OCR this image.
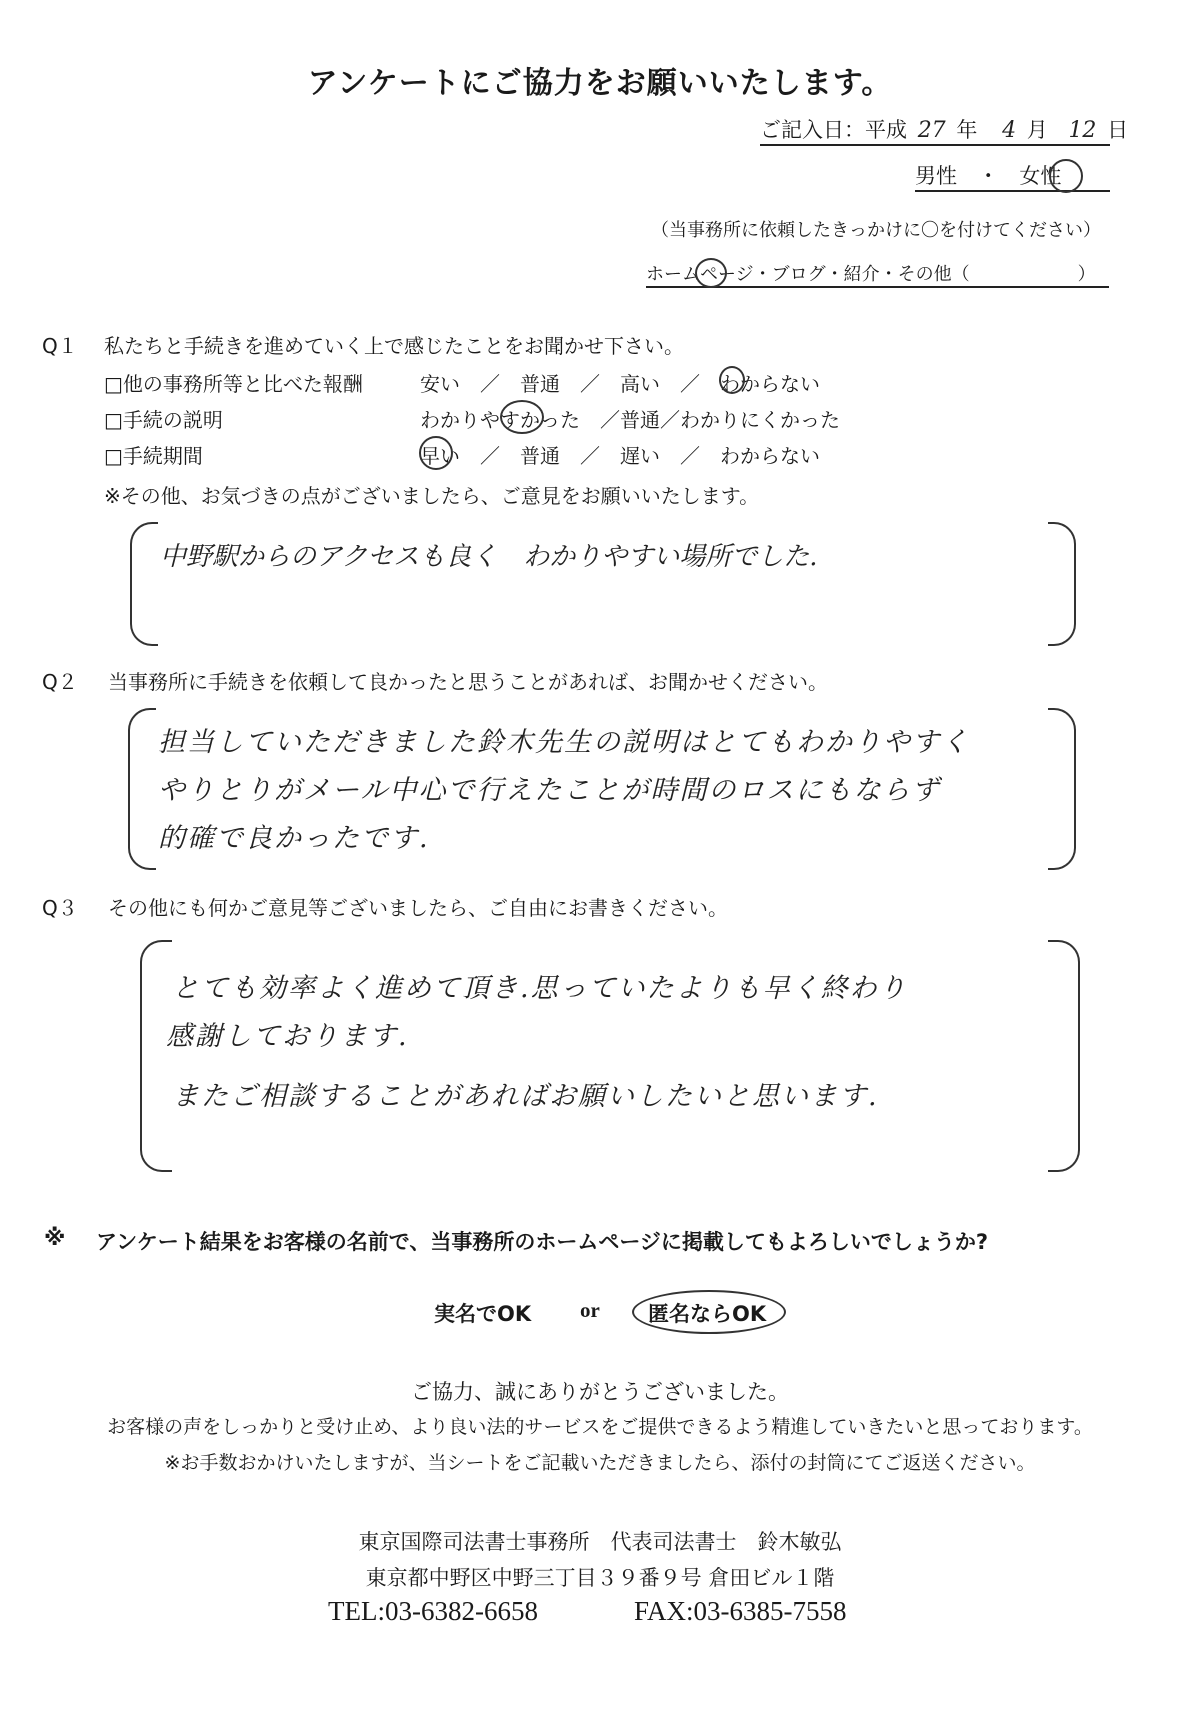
アンケートにご協力をお願いいたします。
ご記入日：平成 27 年 4 月 12 日
男性 ・ 女性
（当事務所に依頼したきっかけに〇を付けてください）
ホームページ・ブログ・紹介・その他（　　　　　　）
Q１ 私たちと手続きを進めていく上で感じたことをお聞かせ下さい。
□他の事務所等と比べた報酬	安い　／　普通　／　高い　／　わからない
□手続の説明	わかりやすかった　／普通／わかりにくかった
□手続期間	早い　／　普通　／　遅い　／　わからない
※その他、お気づきの点がございましたら、ご意見をお願いいたします。
中野駅からのアクセスも良く　わかりやすい場所でした.
Q２ 当事務所に手続きを依頼して良かったと思うことがあれば、お聞かせください。
担当していただきました鈴木先生の説明はとてもわかりやすく
やりとりがメール中心で行えたことが時間のロスにもならず
的確で良かったです.
Q３ その他にも何かご意見等ございましたら、ご自由にお書きください。
とても効率よく進めて頂き.思っていたよりも早く終わり
感謝しております.
またご相談することがあればお願いしたいと思います.
※ アンケート結果をお客様の名前で、当事務所のホームページに掲載してもよろしいでしょうか?
実名でOK or 匿名ならOK
ご協力、誠にありがとうございました。
お客様の声をしっかりと受け止め、より良い法的サービスをご提供できるよう精進していきたいと思っております。
※お手数おかけいたしますが、当シートをご記載いただきましたら、添付の封筒にてご返送ください。
東京国際司法書士事務所　代表司法書士　鈴木敏弘
東京都中野区中野三丁目３９番９号 倉田ビル１階
TEL:03-6382-6658	FAX:03-6385-7558
